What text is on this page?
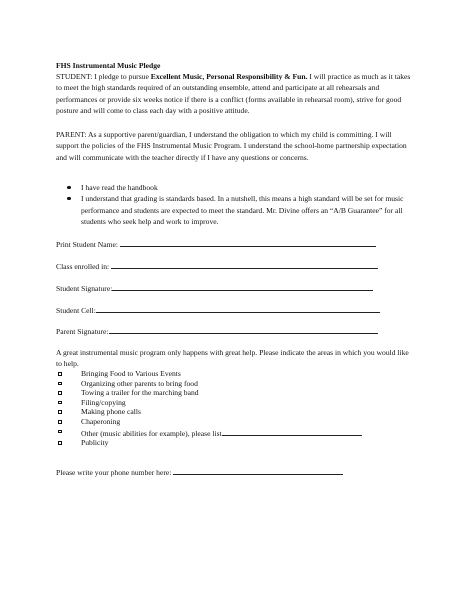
FHS Instrumental Music Pledge
STUDENT: I pledge to pursue Excellent Music, Personal Responsibility & Fun. I will practice as much as it takes to meet the high standards required of an outstanding ensemble, attend and participate at all rehearsals and performances or provide six weeks notice if there is a conflict (forms available in rehearsal room), strive for good posture and will come to class each day with a positive attitude.
PARENT: As a supportive parent/guardian, I understand the obligation to which my child is committing. I will support the policies of the FHS Instrumental Music Program. I understand the school-home partnership expectation and will communicate with the teacher directly if I have any questions or concerns.
I have read the handbook
I understand that grading is standards based. In a nutshell, this means a high standard will be set for music performance and students are expected to meet the standard. Mr. Divine offers an “A/B Guarantee” for all students who seek help and work to improve.
Print Student Name:
Class enrolled in:
Student Signature:
Student Cell:
Parent Signature:
A great instrumental music program only happens with great help. Please indicate the areas in which you would like to help.
Bringing Food to Various Events
Organizing other parents to bring food
Towing a trailer for the marching band
Filing/copying
Making phone calls
Chaperoning
Other (music abilities for example), please list
Publicity
Please write your phone number here:
